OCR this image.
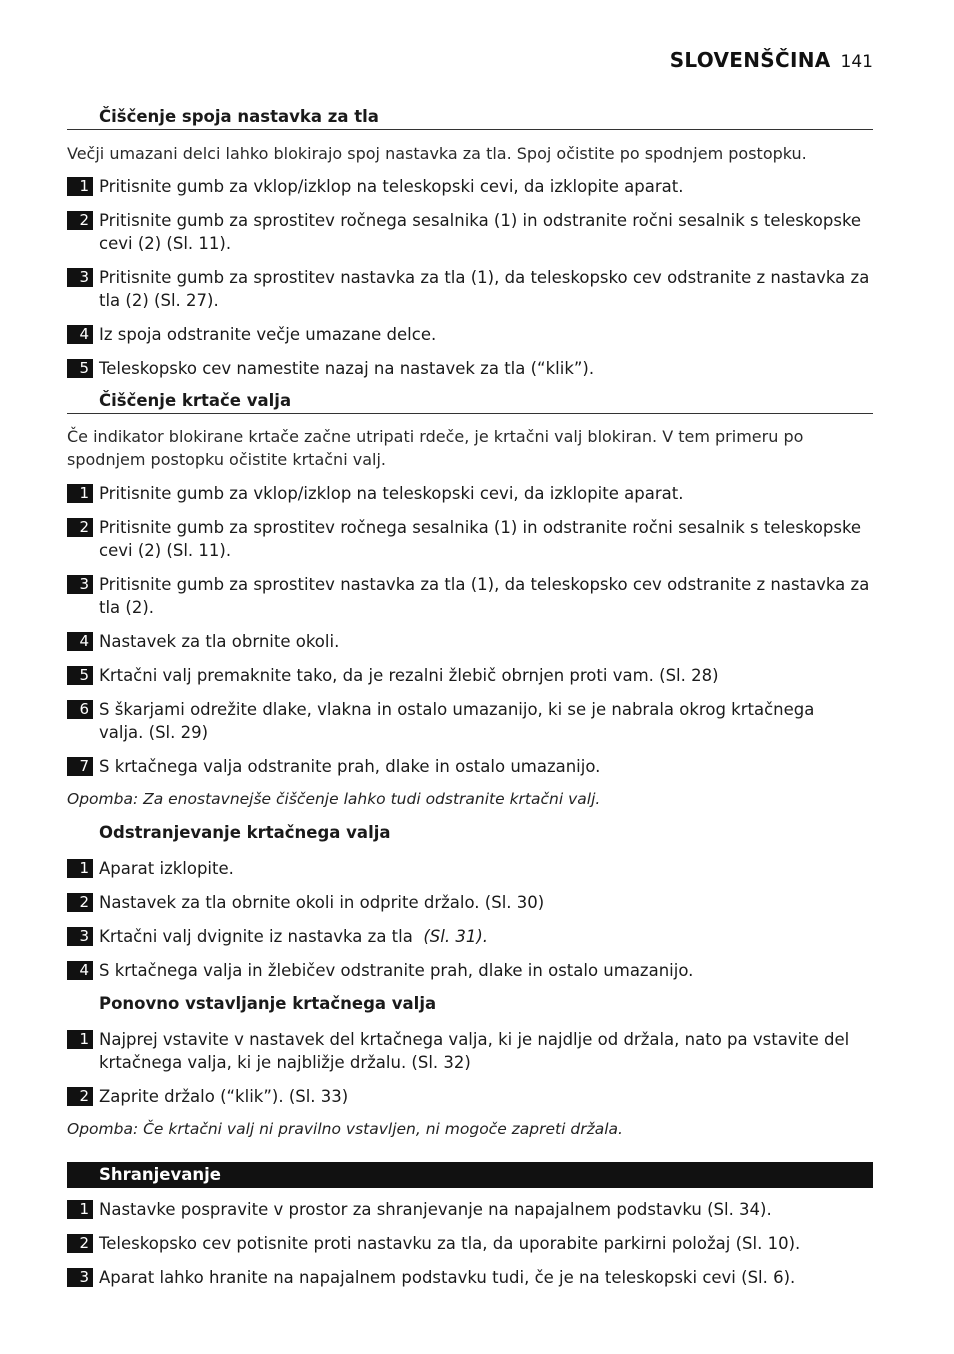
SLOVENŠČINA 141
Čiščenje spoja nastavka za tla
Večji umazani delci lahko blokirajo spoj nastavka za tla. Spoj očistite po spodnjem postopku.
1 Pritisnite gumb za vklop/izklop na teleskopski cevi, da izklopite aparat.
2 Pritisnite gumb za sprostitev ročnega sesalnika (1) in odstranite ročni sesalnik s teleskopske cevi (2) (Sl. 11).
3 Pritisnite gumb za sprostitev nastavka za tla (1), da teleskopsko cev odstranite z nastavka za tla (2) (Sl. 27).
4 Iz spoja odstranite večje umazane delce.
5 Teleskopsko cev namestite nazaj na nastavek za tla (“klik”).
Čiščenje krtače valja
Če indikator blokirane krtače začne utripati rdeče, je krtačni valj blokiran. V tem primeru po spodnjem postopku očistite krtačni valj.
1 Pritisnite gumb za vklop/izklop na teleskopski cevi, da izklopite aparat.
2 Pritisnite gumb za sprostitev ročnega sesalnika (1) in odstranite ročni sesalnik s teleskopske cevi (2) (Sl. 11).
3 Pritisnite gumb za sprostitev nastavka za tla (1), da teleskopsko cev odstranite z nastavka za tla (2).
4 Nastavek za tla obrnite okoli.
5 Krtačni valj premaknite tako, da je rezalni žlebič obrnjen proti vam. (Sl. 28)
6 S škarjami odrežite dlake, vlakna in ostalo umazanijo, ki se je nabrala okrog krtačnega valja. (Sl. 29)
7 S krtačnega valja odstranite prah, dlake in ostalo umazanijo.
Opomba: Za enostavnejše čiščenje lahko tudi odstranite krtačni valj.
Odstranjevanje krtačnega valja
1 Aparat izklopite.
2 Nastavek za tla obrnite okoli in odprite držalo. (Sl. 30)
3 Krtačni valj dvignite iz nastavka za tla (Sl. 31).
4 S krtačnega valja in žlebičev odstranite prah, dlake in ostalo umazanijo.
Ponovno vstavljanje krtačnega valja
1 Najprej vstavite v nastavek del krtačnega valja, ki je najdlje od držala, nato pa vstavite del krtačnega valja, ki je najbližje držalu. (Sl. 32)
2 Zaprite držalo (“klik”). (Sl. 33)
Opomba: Če krtačni valj ni pravilno vstavljen, ni mogoče zapreti držala.
Shranjevanje
1 Nastavke pospravite v prostor za shranjevanje na napajalnem podstavku (Sl. 34).
2 Teleskopsko cev potisnite proti nastavku za tla, da uporabite parkirni položaj (Sl. 10).
3 Aparat lahko hranite na napajalnem podstavku tudi, če je na teleskopski cevi (Sl. 6).
